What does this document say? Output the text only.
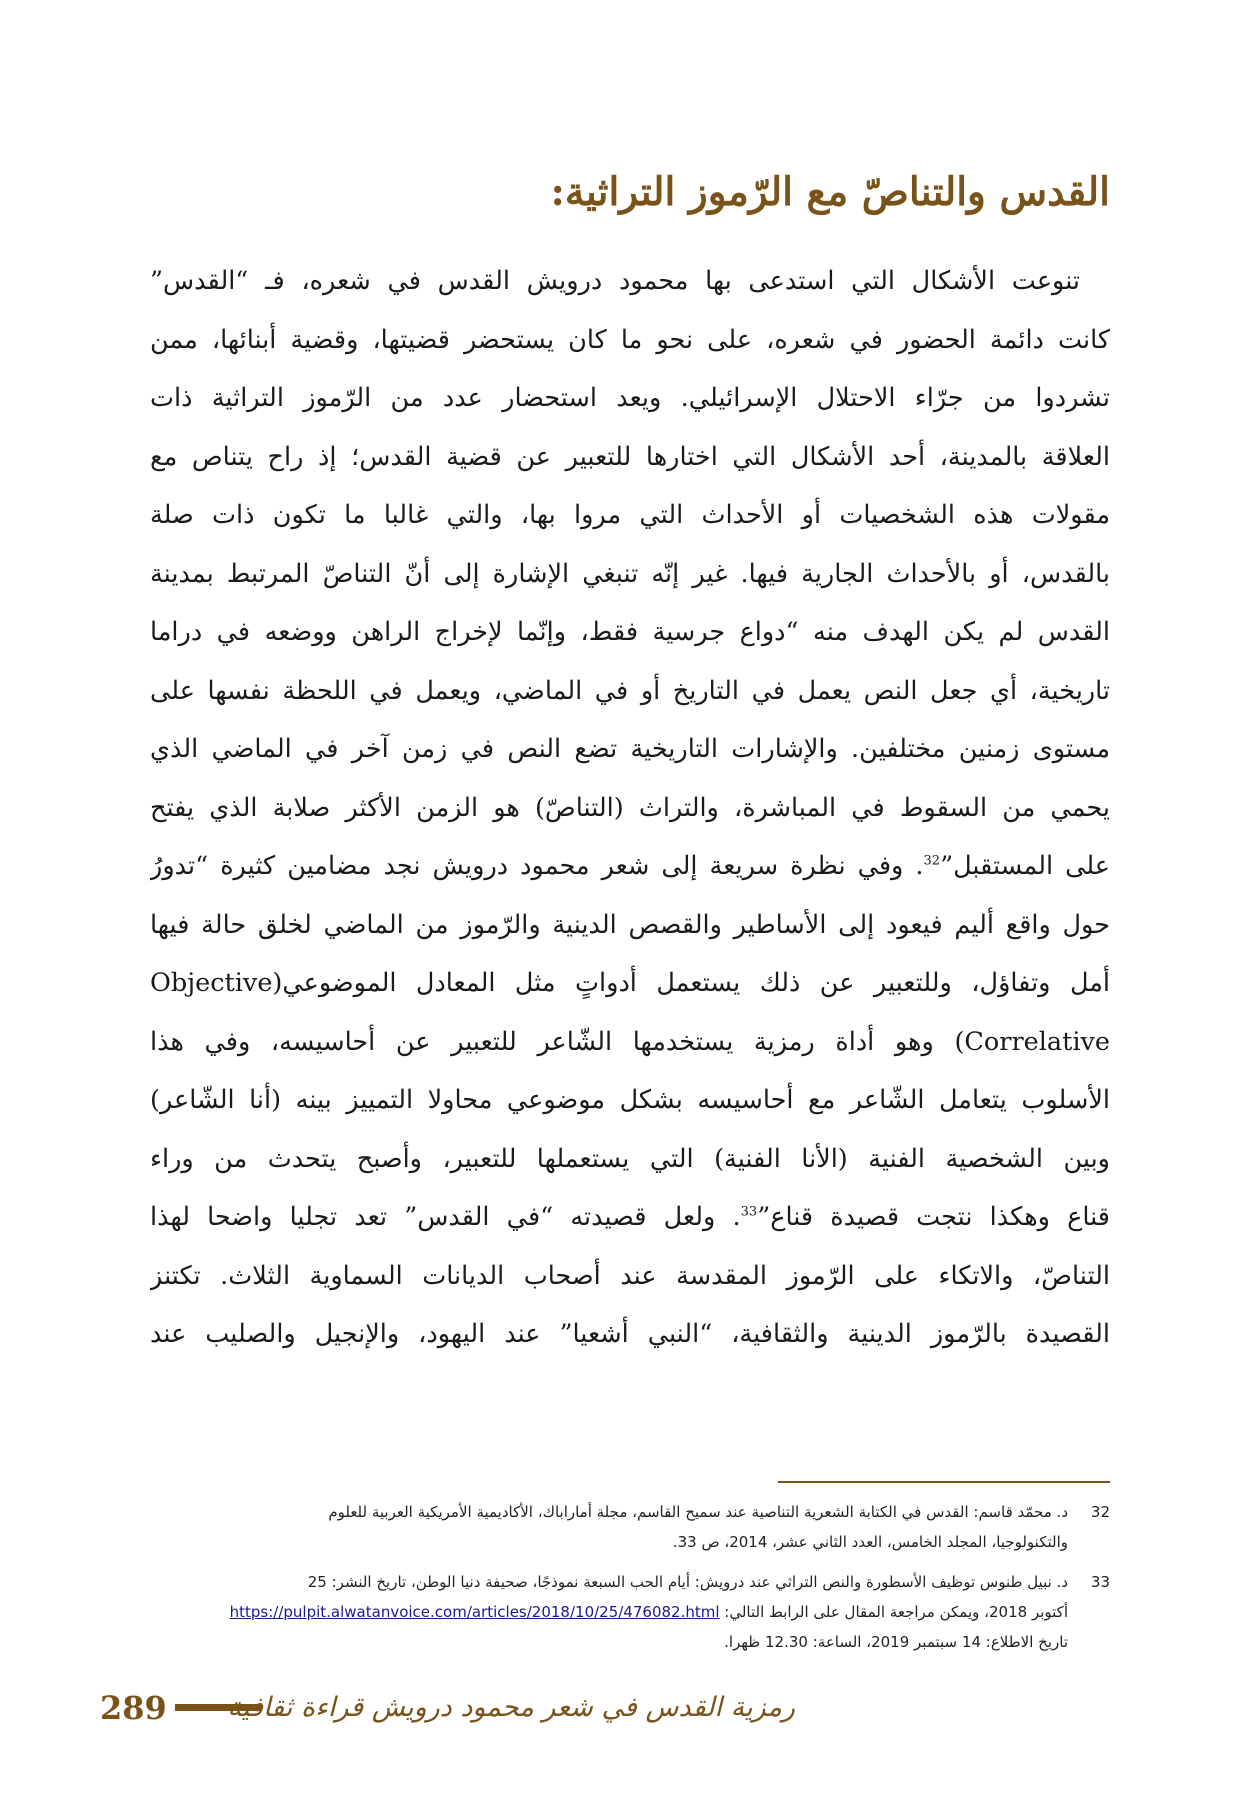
القدس والتناصّ مع الرّموز التراثية:
تنوعت الأشكال التي استدعى بها محمود درويش القدس في شعره، فـ “القدس”
كانت دائمة الحضور في شعره، على نحو ما كان يستحضر قضيتها، وقضية أبنائها، ممن
تشردوا من جرّاء الاحتلال الإسرائيلي. ويعد استحضار عدد من الرّموز التراثية ذات
العلاقة بالمدينة، أحد الأشكال التي اختارها للتعبير عن قضية القدس؛ إذ راح يتناص مع
مقولات هذه الشخصيات أو الأحداث التي مروا بها، والتي غالبا ما تكون ذات صلة
بالقدس، أو بالأحداث الجارية فيها. غير إنّه تنبغي الإشارة إلى أنّ التناصّ المرتبط بمدينة
القدس لم يكن الهدف منه “دواع جرسية فقط، وإنّما لإخراج الراهن ووضعه في دراما
تاريخية، أي جعل النص يعمل في التاريخ أو في الماضي، ويعمل في اللحظة نفسها على
مستوى زمنين مختلفين. والإشارات التاريخية تضع النص في زمن آخر في الماضي الذي
يحمي من السقوط في المباشرة، والتراث (التناصّ) هو الزمن الأكثر صلابة الذي يفتح
على المستقبل”$^{32}$. وفي نظرة سريعة إلى شعر محمود درويش نجد مضامين كثيرة “تدورُ
حول واقع أليم فيعود إلى الأساطير والقصص الدينية والرّموز من الماضي لخلق حالة فيها
أمل وتفاؤل، وللتعبير عن ذلك يستعمل أدواتٍ مثل المعادل الموضوعي(Objective
Correlative) وهو أداة رمزية يستخدمها الشّاعر للتعبير عن أحاسيسه، وفي هذا
الأسلوب يتعامل الشّاعر مع أحاسيسه بشكل موضوعي محاولا التمييز بينه (أنا الشّاعر)
وبين الشخصية الفنية (الأنا الفنية) التي يستعملها للتعبير، وأصبح يتحدث من وراء
قناع وهكذا نتجت قصيدة قناع”$^{33}$. ولعل قصيدته “في القدس” تعد تجليا واضحا لهذا
التناصّ، والاتكاء على الرّموز المقدسة عند أصحاب الديانات السماوية الثلاث. تكتنز
القصيدة بالرّموز الدينية والثقافية، “النبي أشعيا” عند اليهود، والإنجيل والصليب عند
32
د. محمّد قاسم: القدس في الكتابة الشعرية التناصية عند سميح القاسم، مجلة أماراباك، الأكاديمية الأمريكية العربية للعلوم
والتكنولوجيا، المجلد الخامس، العدد الثاني عشر، 2014، ص 33.
33
د. نبيل طنوس توظيف الأسطورة والنص التراثي عند درويش: أيام الحب السبعة نموذجًا، صحيفة دنيا الوطن، تاريخ النشر: 25
أكتوبر 2018، ويمكن مراجعة المقال على الرابط التالي: https://pulpit.alwatanvoice.com/articles/2018/10/25/476082.html
تاريخ الاطلاع: 14 سبتمبر 2019، الساعة: 12.30 ظهرا.
289 رمزية القدس في شعر محمود درويش قراءة ثقافية
